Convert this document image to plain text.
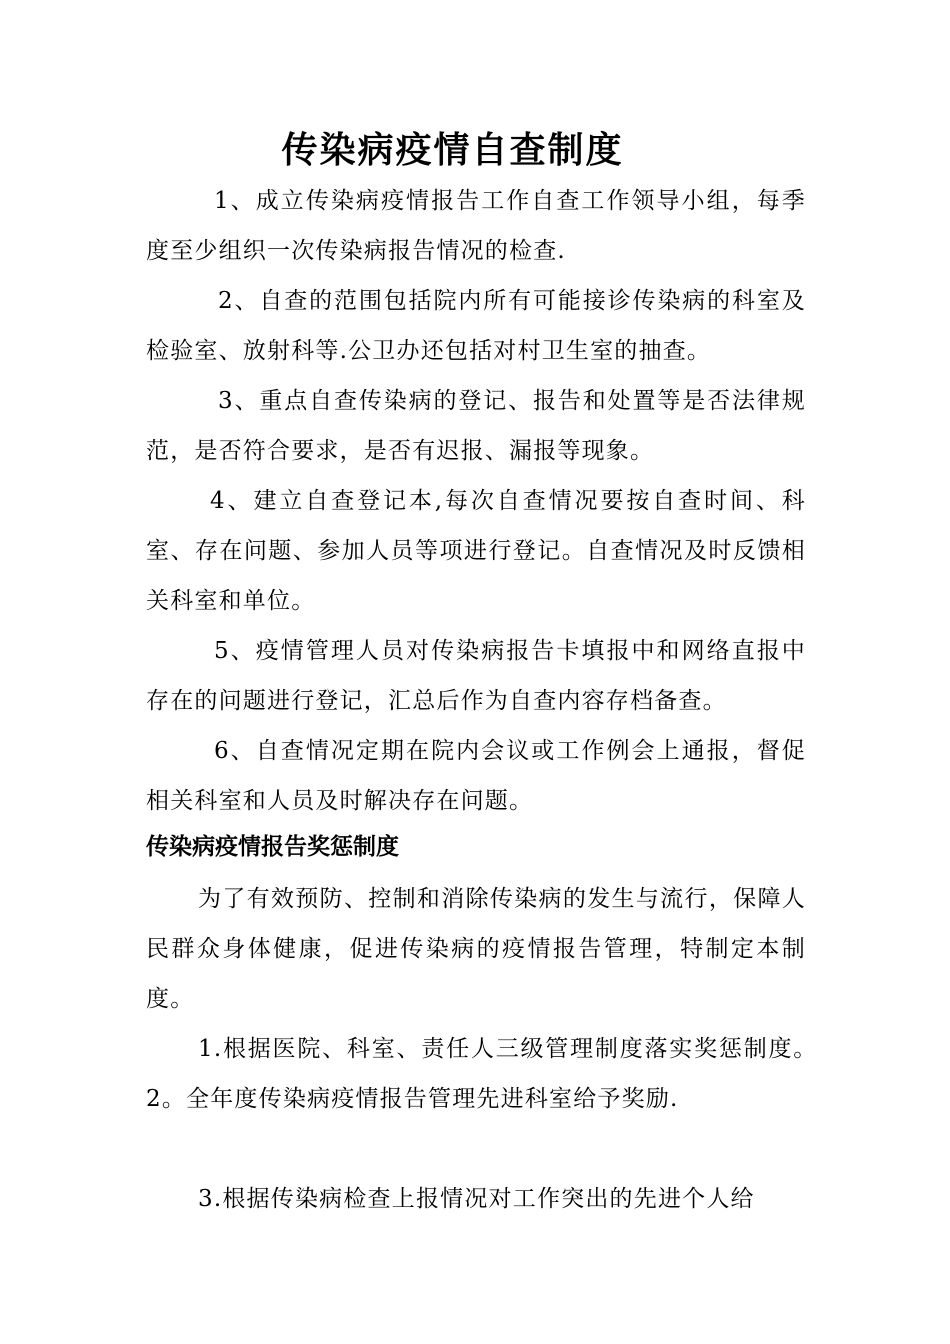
传染病疫情自查制度

1、成立传染病疫情报告工作自查工作领导小组，每季度至少组织一次传染病报告情况的检查.

2、自查的范围包括院内所有可能接诊传染病的科室及检验室、放射科等.公卫办还包括对村卫生室的抽查。

3、重点自查传染病的登记、报告和处置等是否法律规范，是否符合要求，是否有迟报、漏报等现象。

4、建立自查登记本,每次自查情况要按自查时间、科室、存在问题、参加人员等项进行登记。自查情况及时反馈相关科室和单位。

5、疫情管理人员对传染病报告卡填报中和网络直报中存在的问题进行登记，汇总后作为自查内容存档备查。

6、自查情况定期在院内会议或工作例会上通报，督促相关科室和人员及时解决存在问题。

传染病疫情报告奖惩制度

为了有效预防、控制和消除传染病的发生与流行，保障人民群众身体健康，促进传染病的疫情报告管理，特制定本制度。

1.根据医院、科室、责任人三级管理制度落实奖惩制度。　　　2。全年度传染病疫情报告管理先进科室给予奖励.

3.根据传染病检查上报情况对工作突出的先进个人给
